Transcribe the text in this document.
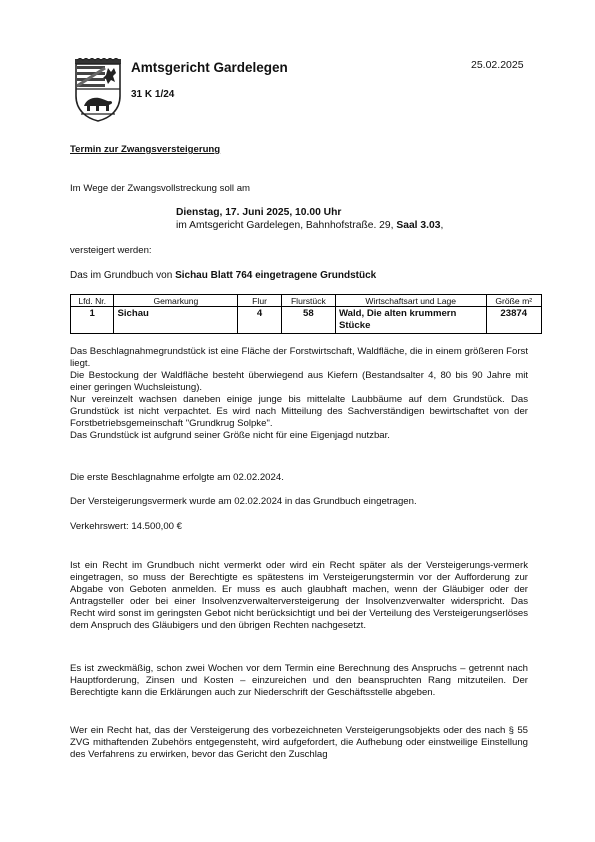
Amtsgericht Gardelegen
31 K 1/24
25.02.2025
Termin zur Zwangsversteigerung
Im Wege der Zwangsvollstreckung soll am
Dienstag, 17. Juni 2025, 10.00 Uhr
im Amtsgericht Gardelegen, Bahnhofstraße. 29, Saal 3.03,
versteigert werden:
Das im Grundbuch von Sichau Blatt 764 eingetragene Grundstück
Lfd. Nr.	Gemarkung	Flur	Flurstück	Wirtschaftsart und Lage	Größe m²
1	Sichau	4	58	Wald, Die alten krummern Stücke	23874

Das Beschlagnahmegrundstück ist eine Fläche der Forstwirtschaft, Waldfläche, die in einem größeren Forst liegt.

Die Bestockung der Waldfläche besteht überwiegend aus Kiefern (Bestandsalter 4, 80 bis 90 Jahre mit einer geringen Wuchsleistung).

Nur vereinzelt wachsen daneben einige junge bis mittelalte Laubbäume auf dem Grundstück. Das Grundstück ist nicht verpachtet. Es wird nach Mitteilung des Sachverständigen bewirtschaftet von der Forstbetriebsgemeinschaft "Grundkrug Solpke".

Das Grundstück ist aufgrund seiner Größe nicht für eine Eigenjagd nutzbar.

Die erste Beschlagnahme erfolgte am 02.02.2024.
Der Versteigerungsvermerk wurde am 02.02.2024 in das Grundbuch eingetragen.
Verkehrswert: 14.500,00 €
Ist ein Recht im Grundbuch nicht vermerkt oder wird ein Recht später als der Versteigerungs-vermerk eingetragen, so muss der Berechtigte es spätestens im Versteigerungstermin vor der Aufforderung zur Abgabe von Geboten anmelden. Er muss es auch glaubhaft machen, wenn der Gläubiger oder der Antragsteller oder bei einer Insolvenzverwalterversteigerung der Insolvenzverwalter widerspricht. Das Recht wird sonst im geringsten Gebot nicht berücksichtigt und bei der Verteilung des Versteigerungserlöses dem Anspruch des Gläubigers und den übrigen Rechten nachgesetzt.
Es ist zweckmäßig, schon zwei Wochen vor dem Termin eine Berechnung des Anspruchs – getrennt nach Hauptforderung, Zinsen und Kosten – einzureichen und den beanspruchten Rang mitzuteilen. Der Berechtigte kann die Erklärungen auch zur Niederschrift der Geschäftsstelle abgeben.
Wer ein Recht hat, das der Versteigerung des vorbezeichneten Versteigerungsobjekts oder des nach § 55 ZVG mithaftenden Zubehörs entgegensteht, wird aufgefordert, die Aufhebung oder einstweilige Einstellung des Verfahrens zu erwirken, bevor das Gericht den Zuschlag
